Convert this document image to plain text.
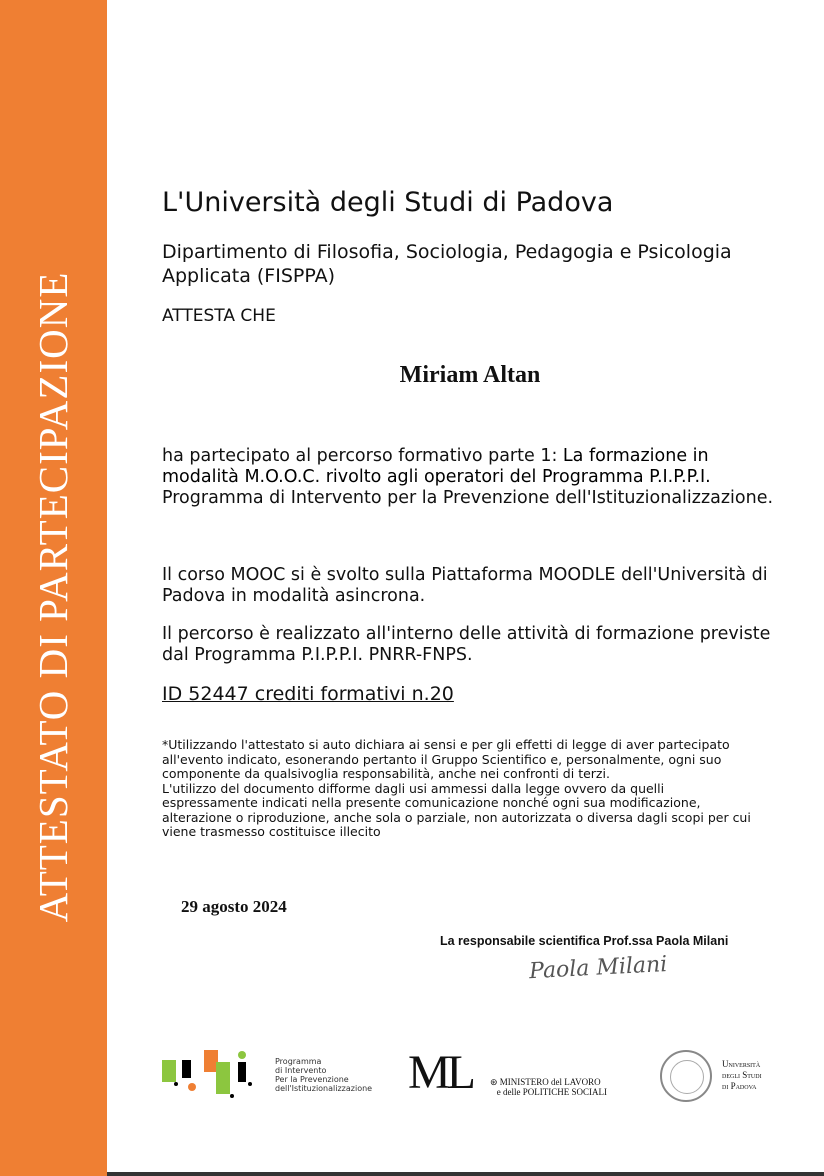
ATTESTATO DI PARTECIPAZIONE
L'Università degli Studi di Padova
Dipartimento di Filosofia, Sociologia, Pedagogia e Psicologia Applicata (FISPPA)
ATTESTA CHE
Miriam Altan
ha partecipato al percorso formativo parte 1: La formazione in modalità M.O.O.C. rivolto agli operatori del Programma P.I.P.P.I. Programma di Intervento per la Prevenzione dell'Istituzionalizzazione.
Il corso MOOC si è svolto sulla Piattaforma MOODLE dell'Università di Padova in modalità asincrona.
Il percorso è realizzato all'interno delle attività di formazione previste dal Programma P.I.P.P.I. PNRR-FNPS.
ID 52447 crediti formativi n.20
*Utilizzando l'attestato si auto dichiara ai sensi e per gli effetti di legge di aver partecipato all'evento indicato, esonerando pertanto il Gruppo Scientifico e, personalmente, ogni suo componente da qualsivoglia responsabilità, anche nei confronti di terzi.
L'utilizzo del documento difforme dagli usi ammessi dalla legge ovvero da quelli espressamente indicati nella presente comunicazione nonché ogni sua modificazione, alterazione o riproduzione, anche sola o parziale, non autorizzata o diversa dagli scopi per cui viene trasmesso costituisce illecito
29 agosto 2024
La responsabile scientifica Prof.ssa Paola Milani
Paola Milani
Programma
di Intervento
Per la Prevenzione
dell'Istituzionalizzazione ML ⊛ MINISTERO del LAVORO
e delle POLITICHE SOCIALI
Università
degli Studi
di Padova
